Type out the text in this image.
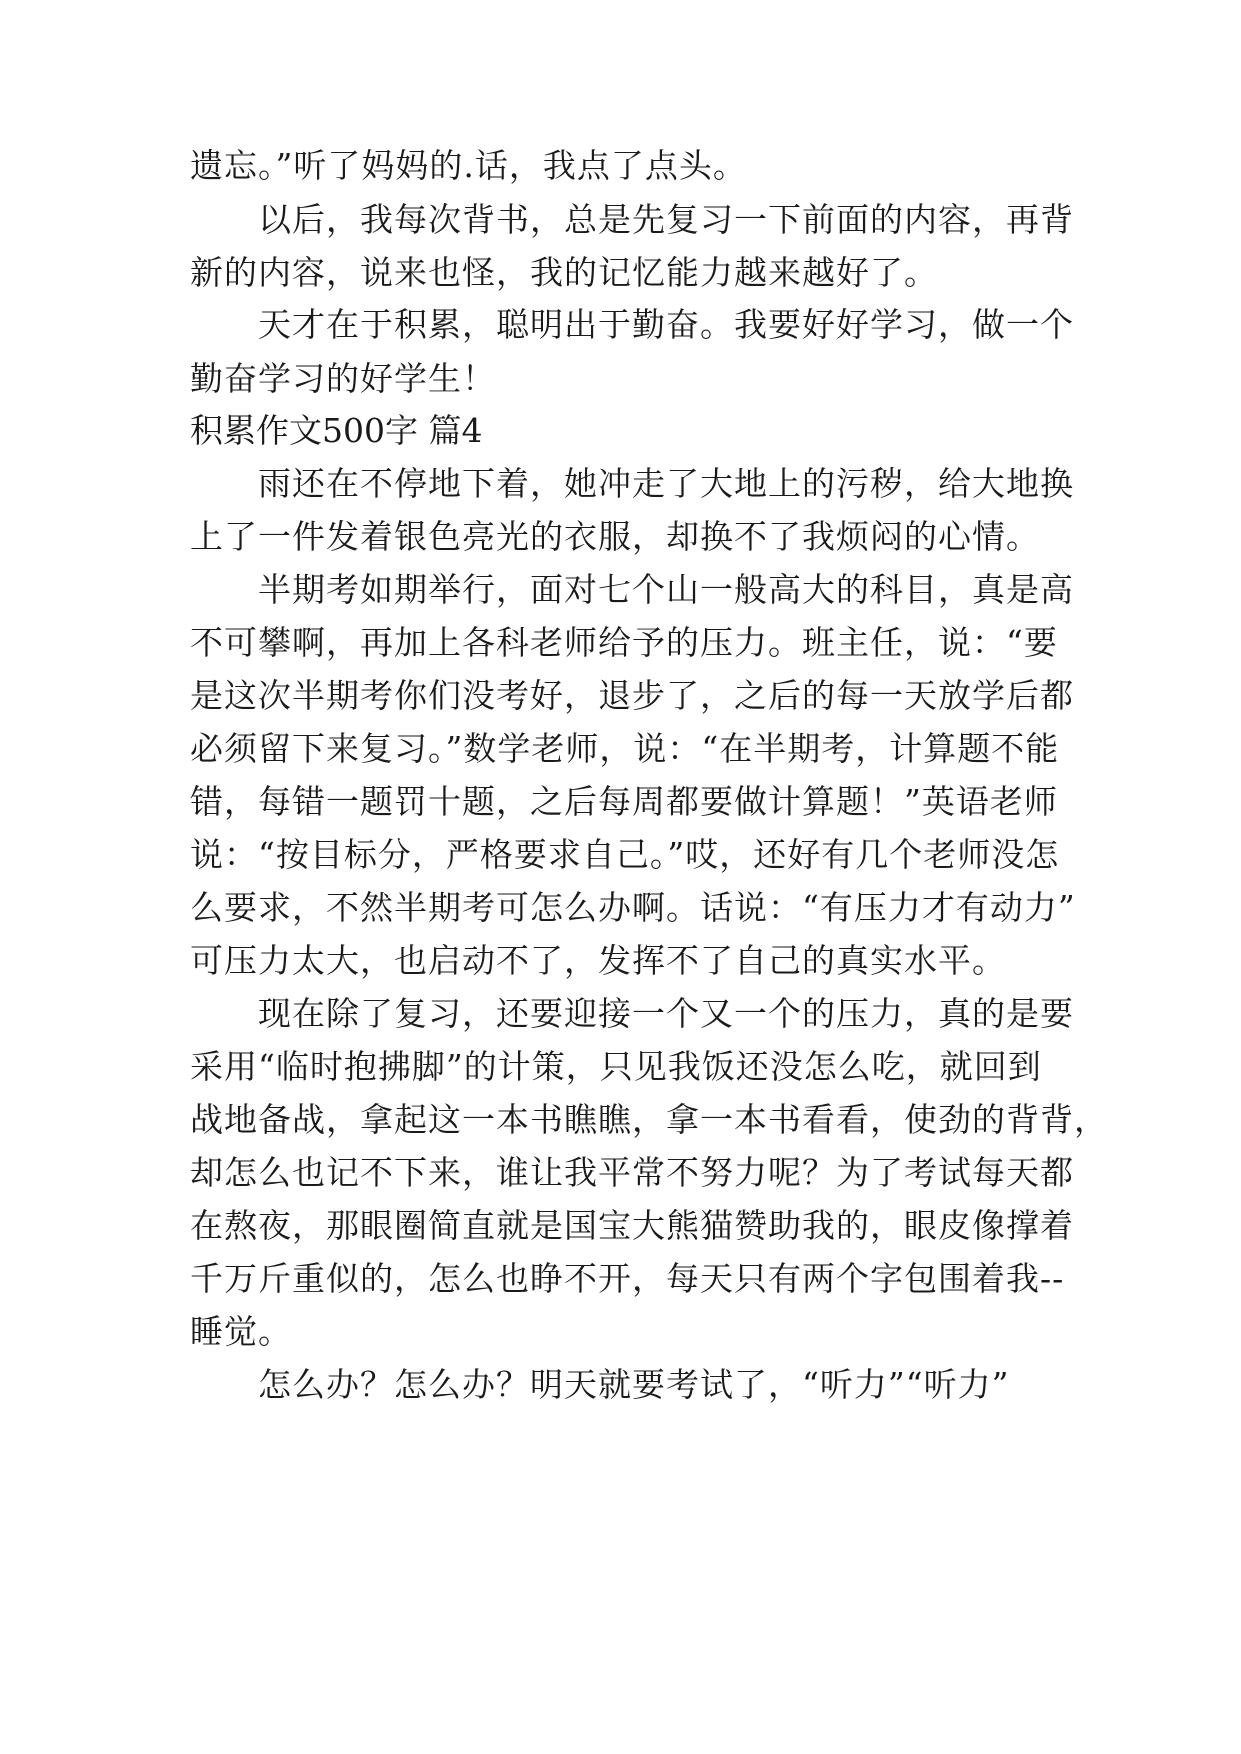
遗忘。”听了妈妈的.话，我点了点头。
以后，我每次背书，总是先复习一下前面的内容，再背
新的内容，说来也怪，我的记忆能力越来越好了。
天才在于积累，聪明出于勤奋。我要好好学习，做一个
勤奋学习的好学生！
积累作文500字 篇4
雨还在不停地下着，她冲走了大地上的污秽，给大地换
上了一件发着银色亮光的衣服，却换不了我烦闷的心情。
半期考如期举行，面对七个山一般高大的科目，真是高
不可攀啊，再加上各科老师给予的压力。班主任，说：“要
是这次半期考你们没考好，退步了，之后的每一天放学后都
必须留下来复习。”数学老师，说：“在半期考，计算题不能
错，每错一题罚十题，之后每周都要做计算题！”英语老师
说：“按目标分，严格要求自己。”哎，还好有几个老师没怎
么要求，不然半期考可怎么办啊。话说：“有压力才有动力”
可压力太大，也启动不了，发挥不了自己的真实水平。
现在除了复习，还要迎接一个又一个的压力，真的是要
采用“临时抱拂脚”的计策，只见我饭还没怎么吃，就回到
战地备战，拿起这一本书瞧瞧，拿一本书看看，使劲的背背，
却怎么也记不下来，谁让我平常不努力呢？为了考试每天都
在熬夜，那眼圈简直就是国宝大熊猫赞助我的，眼皮像撑着
千万斤重似的，怎么也睁不开，每天只有两个字包围着我--
睡觉。
怎么办？怎么办？明天就要考试了，“听力”“听力”
